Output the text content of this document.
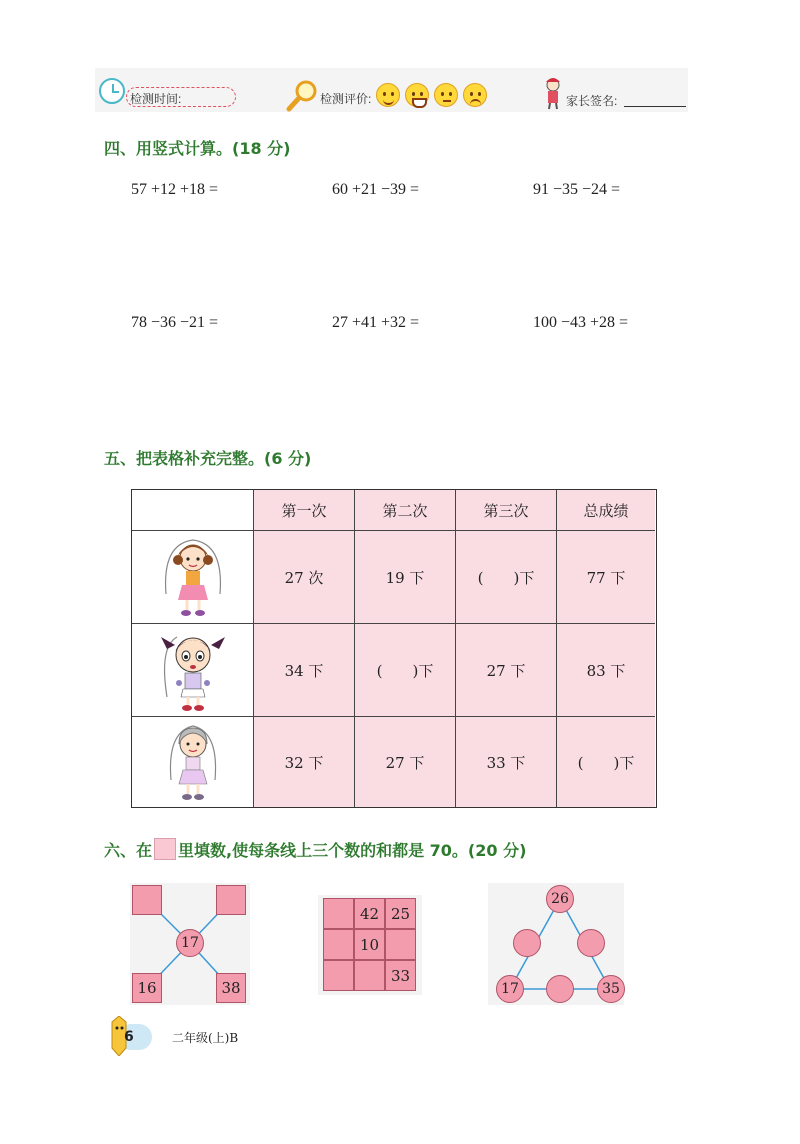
检测时间:	检测评价:	家长签名:
四、用竖式计算。(18 分)
57 +12 +18 =	60 +21 −39 =	91 −35 −24 =
78 −36 −21 =	27 +41 +32 =	100 −43 +28 =
五、把表格补充完整。(6 分)
第一次	第二次	第三次	总成绩
27 次	19 下	(　　)下	77 下
34 下	(　　)下	27 下	83 下
32 下	27 下	33 下	(　　)下
六、在 里填数,使每条线上三个数的和都是 70。(20 分)
17
16	38
42 25
10
33
26
17	35
6	二年级(上)B
